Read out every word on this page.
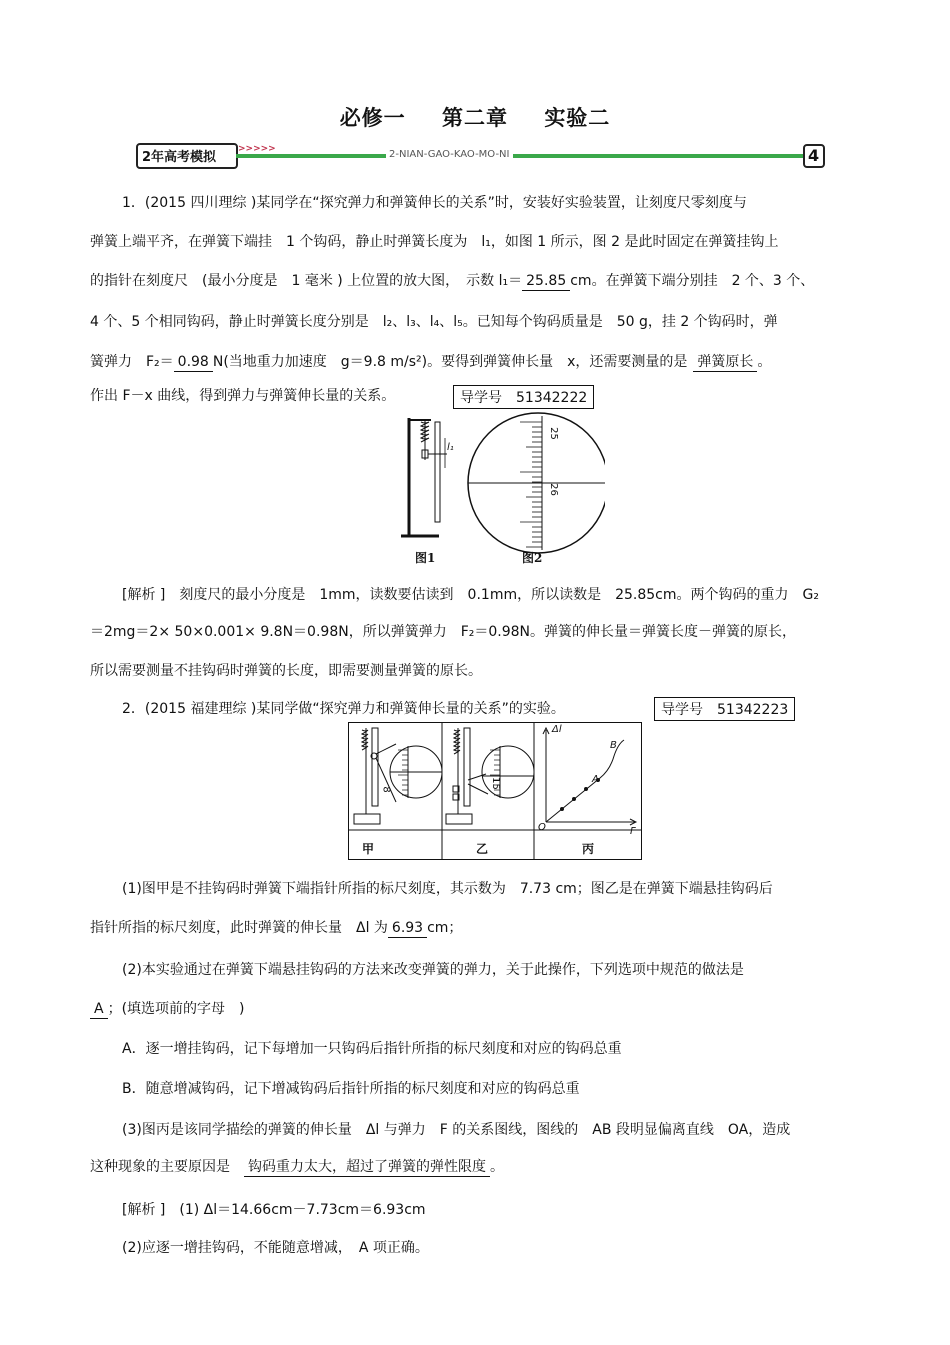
必修一 第二章 实验二
2年高考模拟
>>>>>	2-NIAN-GAO-KAO-MO-NI	4
1．(2015 四川理综 )某同学在“探究弹力和弹簧伸长的关系”时，安装好实验装置，让刻度尺零刻度与
弹簧上端平齐，在弹簧下端挂　1 个钩码，静止时弹簧长度为　l₁，如图 1 所示，图 2 是此时固定在弹簧挂钩上
的指针在刻度尺　(最小分度是　1 毫米 ) 上位置的放大图，　示数 l₁＝ 25.85 cm。在弹簧下端分别挂　2 个、3 个、
4 个、5 个相同钩码，静止时弹簧长度分别是　l₂、l₃、l₄、l₅。已知每个钩码质量是　50 g，挂 2 个钩码时，弹
簧弹力　F₂＝ 0.98 N(当地重力加速度　g＝9.8 m/s²)。要得到弹簧伸长量　x，还需要测量的是 弹簧原长 。
作出 F－x 曲线，得到弹力与弹簧伸长量的关系。	导学号　51342222
l₁
25
26
图1	图2
[解析 ]　刻度尺的最小分度是　1mm，读数要估读到　0.1mm，所以读数是　25.85cm。两个钩码的重力　G₂
＝2mg＝2× 50×0.001× 9.8N＝0.98N，所以弹簧弹力　F₂＝0.98N。弹簧的伸长量＝弹簧长度－弹簧的原长，
所以需要测量不挂钩码时弹簧的长度，即需要测量弹簧的原长。
2．(2015 福建理综 )某同学做“探究弹力和弹簧伸长量的关系”的实验。	导学号　51342223
8	15
Δl
F
O
A
B
甲	乙	丙
(1)图甲是不挂钩码时弹簧下端指针所指的标尺刻度，其示数为　7.73 cm；图乙是在弹簧下端悬挂钩码后
指针所指的标尺刻度，此时弹簧的伸长量　Δl 为 6.93 cm；
(2)本实验通过在弹簧下端悬挂钩码的方法来改变弹簧的弹力，关于此操作，下列选项中规范的做法是
A ；(填选项前的字母　)
A．逐一增挂钩码，记下每增加一只钩码后指针所指的标尺刻度和对应的钩码总重
B．随意增减钩码，记下增减钩码后指针所指的标尺刻度和对应的钩码总重
(3)图丙是该同学描绘的弹簧的伸长量　Δl 与弹力　F 的关系图线，图线的　AB 段明显偏离直线　OA，造成
这种现象的主要原因是 钩码重力太大，超过了弹簧的弹性限度 。
[解析 ]　(1) Δl＝14.66cm－7.73cm＝6.93cm
(2)应逐一增挂钩码，不能随意增减，　A 项正确。
